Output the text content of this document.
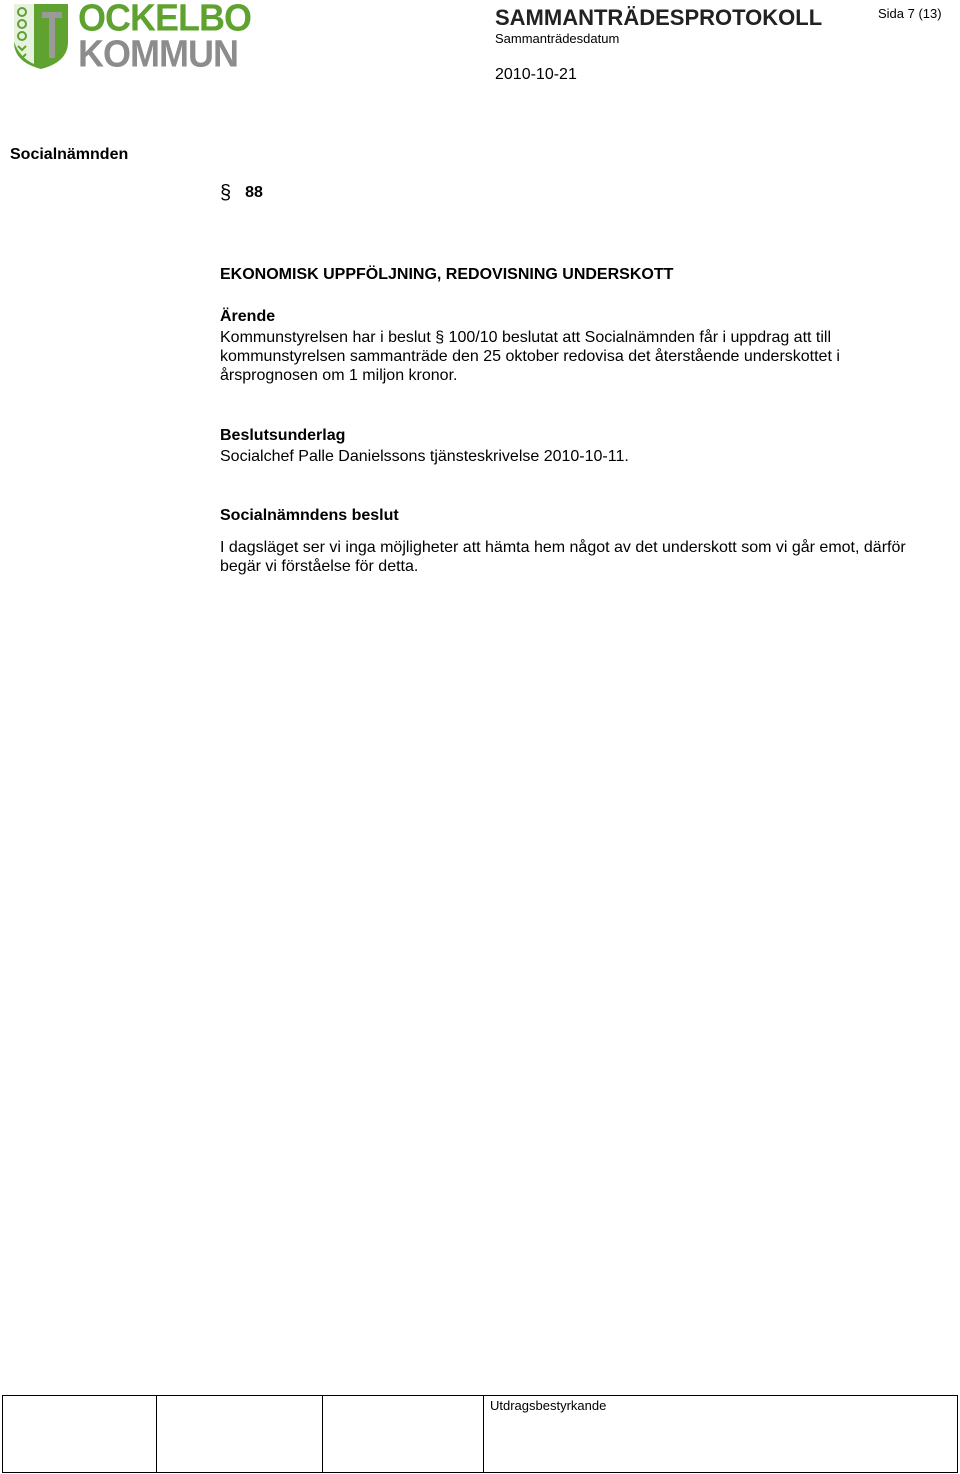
OCKELBO
KOMMUN
SAMMANTRÄDESPROTOKOLL
Sammanträdesdatum
Sida 7 (13)
2010-10-21
Socialnämnden
§ 88
EKONOMISK UPPFÖLJNING, REDOVISNING UNDERSKOTT
Ärende
Kommunstyrelsen har i beslut § 100/10 beslutat att Socialnämnden får i uppdrag att till
kommunstyrelsen sammanträde den 25 oktober redovisa det återstående underskottet i
årsprognosen om 1 miljon kronor.
Beslutsunderlag
Socialchef Palle Danielssons tjänsteskrivelse 2010-10-11.
Socialnämndens beslut
I dagsläget ser vi inga möjligheter att hämta hem något av det underskott som vi går emot, därför
begär vi förståelse för detta.

Utdragsbestyrkande
